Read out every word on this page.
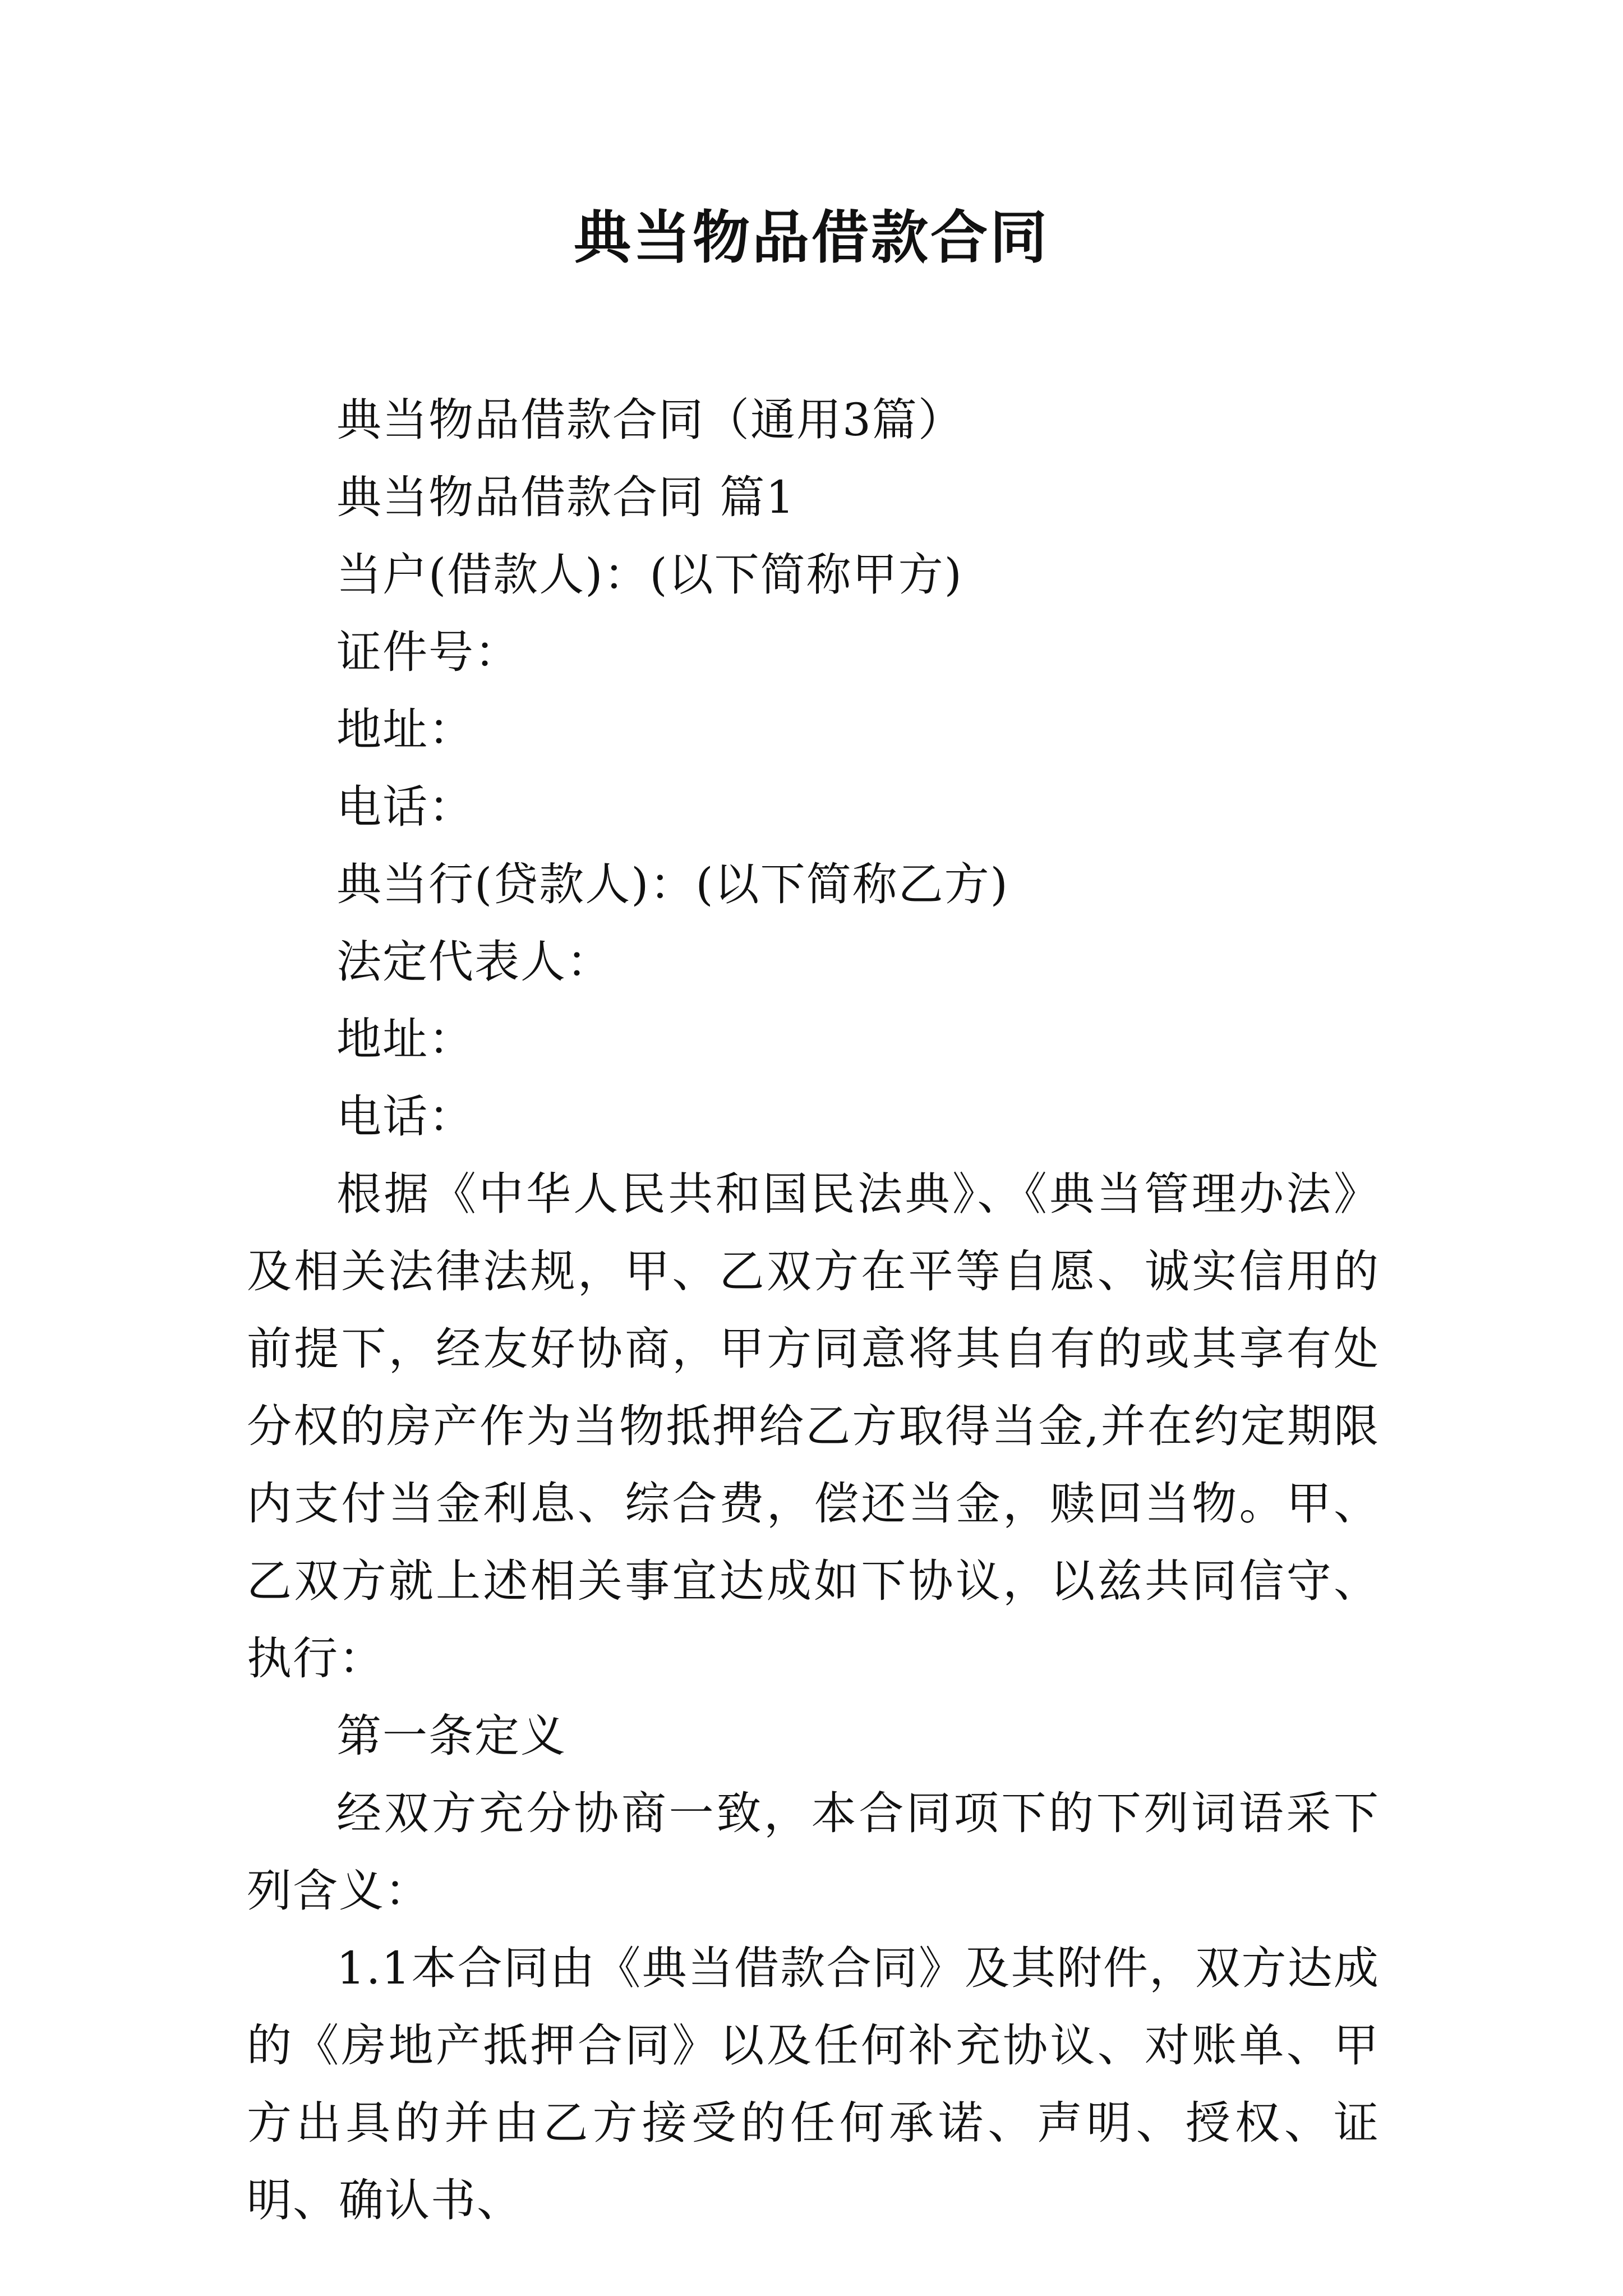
典当物品借款合同

典当物品借款合同（通用3篇）

典当物品借款合同 篇1

当户(借款人)：(以下简称甲方)

证件号：

地址：

电话：

典当行(贷款人)：(以下简称乙方)

法定代表人：

地址：

电话：

根据《中华人民共和国民法典》、《典当管理办法》及相关法律法规，甲、乙双方在平等自愿、诚实信用的前提下，经友好协商，甲方同意将其自有的或其享有处分权的房产作为当物抵押给乙方取得当金,并在约定期限内支付当金利息、综合费，偿还当金，赎回当物。甲、乙双方就上述相关事宜达成如下协议，以兹共同信守、执行：

第一条定义

经双方充分协商一致，本合同项下的下列词语采下列含义：

1.1本合同由《典当借款合同》及其附件，双方达成的《房地产抵押合同》以及任何补充协议、对账单、甲方出具的并由乙方接受的任何承诺、声明、授权、证明、确认书、
